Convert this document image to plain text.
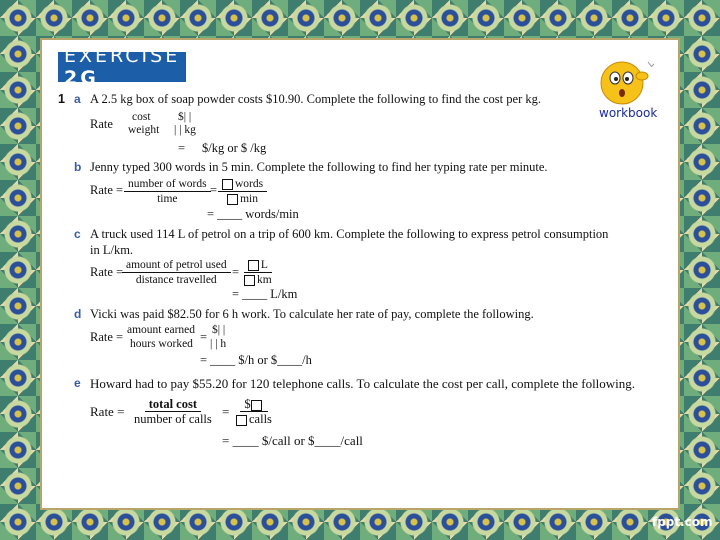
EXERCISE 2G
workbook
1 a A 2.5 kg box of soap powder costs $10.90. Complete the following to find the cost per kg.
Rate cost
weight
$| |
| | kg
= $/kg or $ /kg
b Jenny typed 300 words in 5 min. Complete the following to find her typing rate per minute.
Rate = number of words
time
=	words
min
= ____ words/min
c A truck used 114 L of petrol on a trip of 600 km. Complete the following to express petrol consumption
in L/km.
Rate = amount of petrol used
distance travelled
= $\frac{L}{km}$
= ____ L/km
d Vicki was paid $82.50 for 6 h work. To calculate her rate of pay, complete the following.
Rate = amount earned
hours worked = $| |
| | h
= ____ $/h or $____/h
e Howard had to pay $55.20 for 120 telephone calls. To calculate the cost per call, complete the following.
Rate =	total cost
number of calls =	$
calls
= ____ $/call or $____/call
fppt.com
